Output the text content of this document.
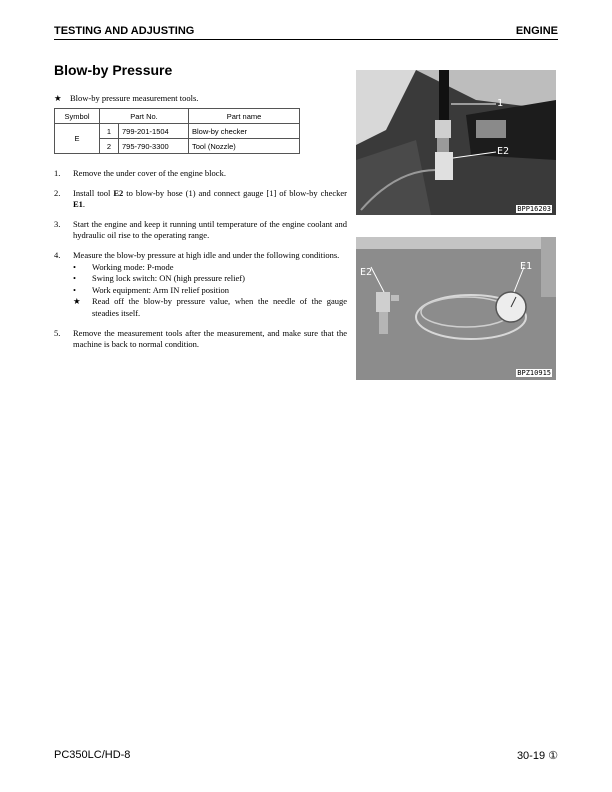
TESTING AND ADJUSTING	ENGINE
Blow-by Pressure
★ Blow-by pressure measurement tools.
Symbol	Part No.		Part name
E	1	799-201-1504	Blow-by checker
	2	795-790-3300	Tool (Nozzle)
1. Remove the under cover of the engine block.
2. Install tool E2 to blow-by hose (1) and connect gauge [1] of blow-by checker E1.
3. Start the engine and keep it running until temperature of the engine coolant and hydraulic oil rise to the operating range.
4. Measure the blow-by pressure at high idle and under the following conditions.
• Working mode: P-mode
• Swing lock switch: ON (high pressure relief)
• Work equipment: Arm IN relief position
★ Read off the blow-by pressure value, when the needle of the gauge steadies itself.
5. Remove the measurement tools after the measurement, and make sure that the machine is back to normal condition.
1
E2
BPP16203
E2
E1
BPZ10915
PC350LC/HD-8	30-19 ①
